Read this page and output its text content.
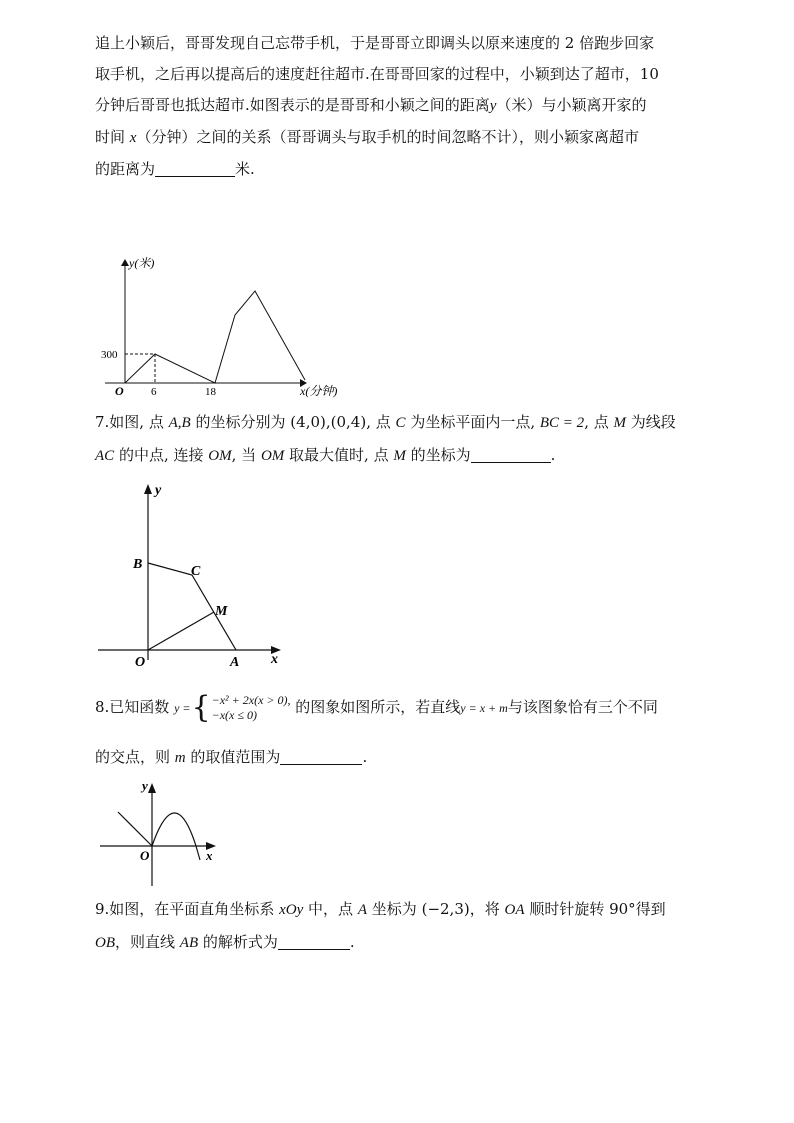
追上小颖后，哥哥发现自己忘带手机，于是哥哥立即调头以原来速度的 2 倍跑步回家
取手机，之后再以提高后的速度赶往超市.在哥哥回家的过程中，小颖到达了超市，10
分钟后哥哥也抵达超市.如图表示的是哥哥和小颖之间的距离y（米）与小颖离开家的
时间 x（分钟）之间的关系（哥哥调头与取手机的时间忽略不计），则小颖家离超市
的距离为	米.

y(米)
x(分钟)
O
300
6	18

7.如图, 点 A,B 的坐标分别为 (4,0),(0,4), 点 C 为坐标平面内一点, BC = 2, 点 M 为线段
AC 的中点, 连接 OM, 当 OM 取最大值时, 点 M 的坐标为	.

y
x
O	A
B	C
M
8.已知函数 y ={−x² + 2x(x > 0),
−x(x ≤ 0)	的图象如图所示，若直线y = x + m与该图象恰有三个不同

的交点，则 m 的取值范围为	.

y
x
O

9.如图，在平面直角坐标系 xOy 中，点 A 坐标为 (−2,3)，将 OA 顺时针旋转 90°得到
OB，则直线 AB 的解析式为	.
